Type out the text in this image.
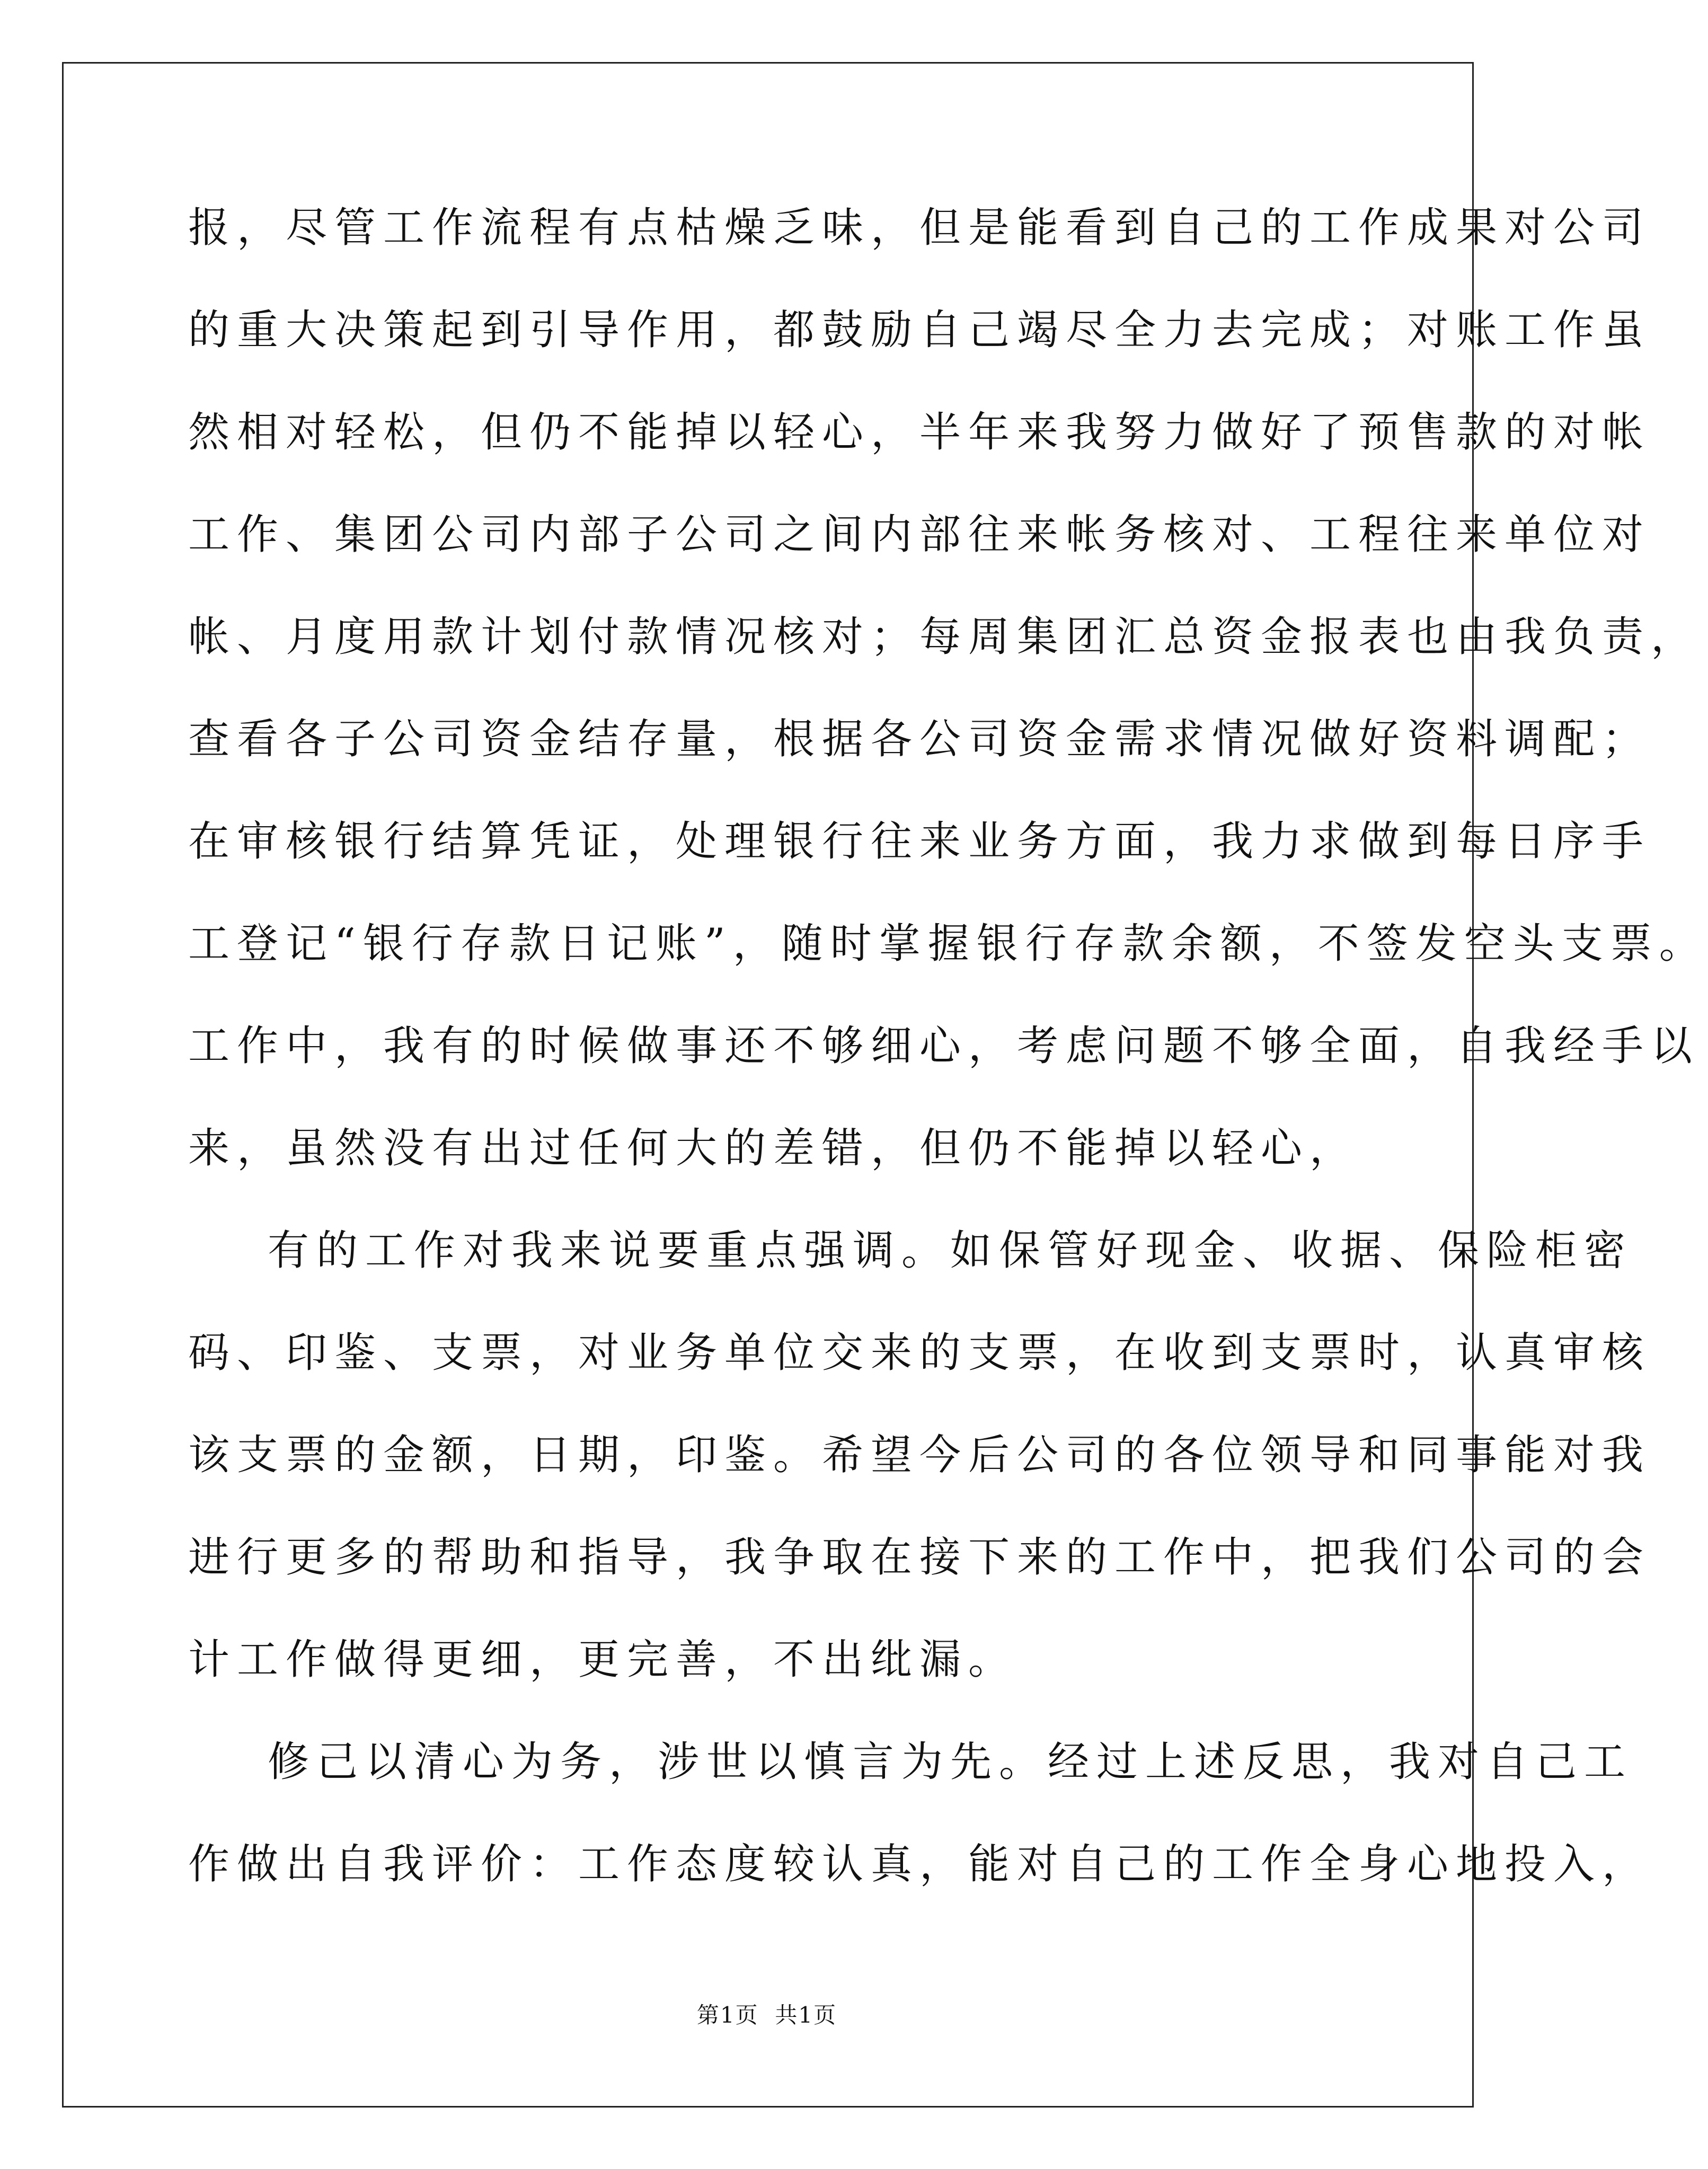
报，尽管工作流程有点枯燥乏味，但是能看到自己的工作成果对公司
的重大决策起到引导作用，都鼓励自己竭尽全力去完成；对账工作虽
然相对轻松，但仍不能掉以轻心，半年来我努力做好了预售款的对帐
工作、集团公司内部子公司之间内部往来帐务核对、工程往来单位对
帐、月度用款计划付款情况核对；每周集团汇总资金报表也由我负责，
查看各子公司资金结存量，根据各公司资金需求情况做好资料调配；
在审核银行结算凭证，处理银行往来业务方面，我力求做到每日序手
工登记“银行存款日记账”，随时掌握银行存款余额，不签发空头支票。
工作中，我有的时候做事还不够细心，考虑问题不够全面，自我经手以
来，虽然没有出过任何大的差错，但仍不能掉以轻心，
有的工作对我来说要重点强调。如保管好现金、收据、保险柜密
码、印鉴、支票，对业务单位交来的支票，在收到支票时，认真审核
该支票的金额，日期，印鉴。希望今后公司的各位领导和同事能对我
进行更多的帮助和指导，我争取在接下来的工作中，把我们公司的会
计工作做得更细，更完善，不出纰漏。
修己以清心为务，涉世以慎言为先。经过上述反思，我对自己工
作做出自我评价：工作态度较认真，能对自己的工作全身心地投入，
第1页  共1页
